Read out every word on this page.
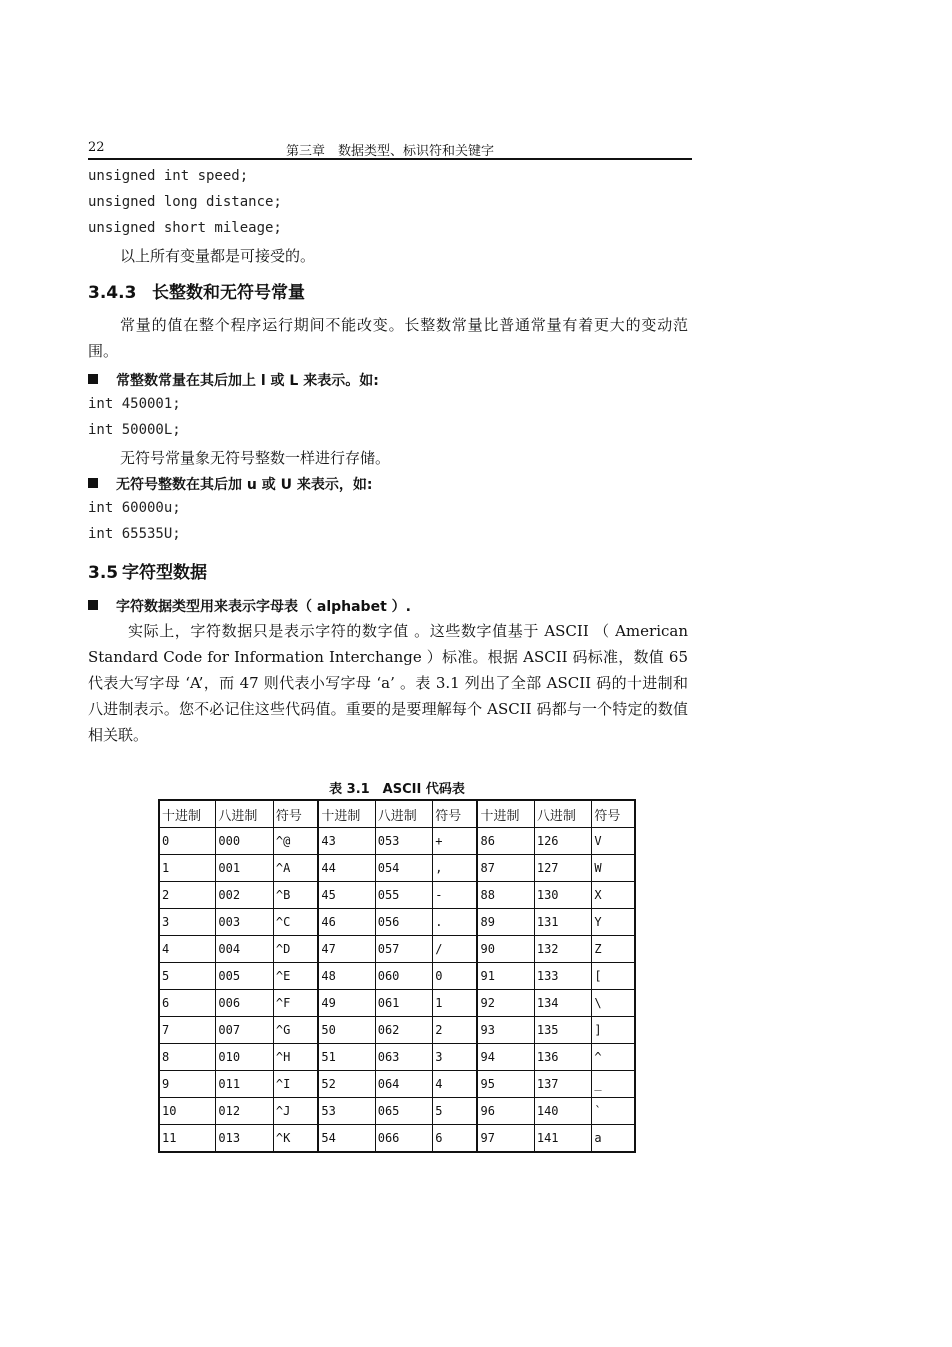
22	第三章　数据类型、标识符和关键字
unsigned int speed;
unsigned long distance;
unsigned short mileage;
以上所有变量都是可接受的。
3.4.3 长整数和无符号常量
常量的值在整个程序运行期间不能改变。长整数常量比普通常量有着更大的变动范围。
常整数常量在其后加上 l 或 L 来表示。如:
int 450001;
int 50000L;
无符号常量象无符号整数一样进行存储。
无符号整数在其后加 u 或 U 来表示，如:
int 60000u;
int 65535U;
3.5 字符型数据
字符数据类型用来表示字母表（ alphabet ）.
实际上，字符数据只是表示字符的数字值 。这些数字值基于 ASCII （ American Standard Code for Information Interchange ）标准。根据 ASCII 码标准，数值 65 代表大写字母 ‘A’，而 47 则代表小写字母 ‘a’ 。表 3.1 列出了全部 ASCII 码的十进制和八进制表示。您不必记住这些代码值。重要的是要理解每个 ASCII 码都与一个特定的数值相关联。
表 3.1　ASCII 代码表
十进制	八进制	符号	十进制	八进制	符号	十进制	八进制	符号
0	000	^@	43	053	+	86	126	V
1	001	^A	44	054	,	87	127	W
2	002	^B	45	055	-	88	130	X
3	003	^C	46	056	.	89	131	Y
4	004	^D	47	057	/	90	132	Z
5	005	^E	48	060	0	91	133	[
6	006	^F	49	061	1	92	134	\
7	007	^G	50	062	2	93	135	]
8	010	^H	51	063	3	94	136	^
9	011	^I	52	064	4	95	137	_
10	012	^J	53	065	5	96	140	`
11	013	^K	54	066	6	97	141	a
